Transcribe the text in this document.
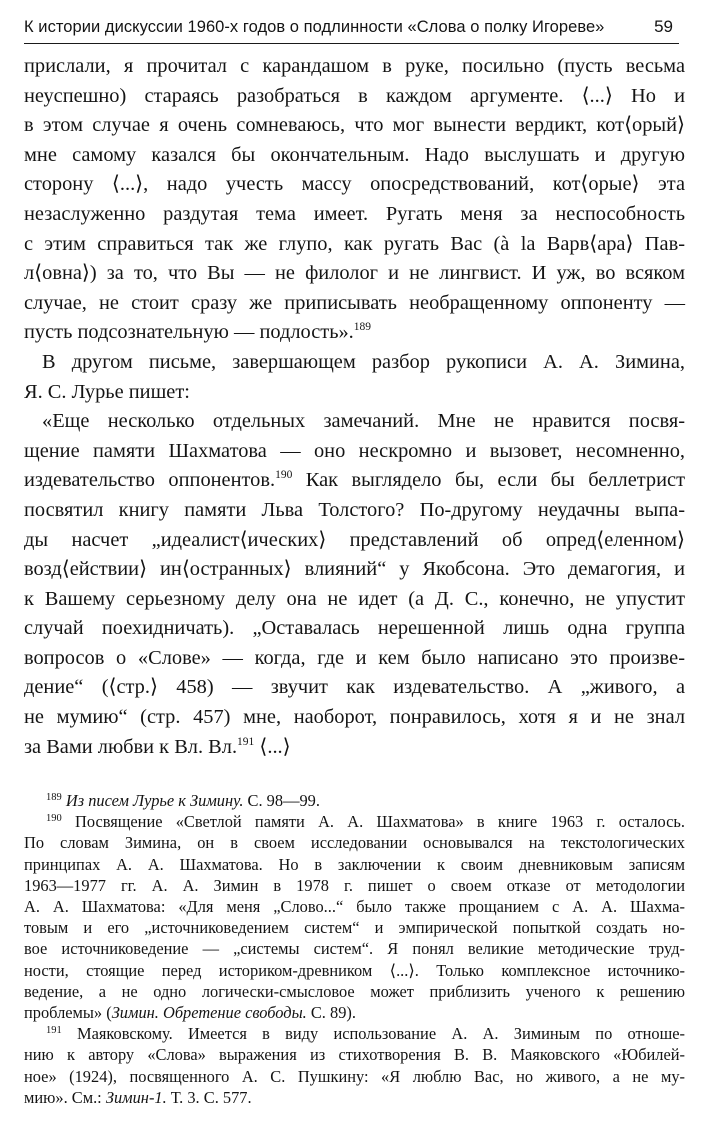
К истории дискуссии 1960-х годов о подлинности «Слова о полку Игореве»	59
прислали, я прочитал с карандашом в руке, посильно (пусть весьма
неуспешно) стараясь разобраться в каждом аргументе. ⟨...⟩ Но и
в этом случае я очень сомневаюсь, что мог вынести вердикт, кот⟨орый⟩
мне самому казался бы окончательным. Надо выслушать и другую
сторону ⟨...⟩, надо учесть массу опосредствований, кот⟨орые⟩ эта
незаслуженно раздутая тема имеет. Ругать меня за неспособность
с этим справиться так же глупо, как ругать Вас (à la Варв⟨ара⟩ Пав-
л⟨овна⟩) за то, что Вы — не филолог и не лингвист. И уж, во всяком
случае, не стоит сразу же приписывать необращенному оппоненту —
пусть подсознательную — подлость».$^{189}$
В другом письме, завершающем разбор рукописи А. А. Зимина,
Я. С. Лурье пишет:
«Еще несколько отдельных замечаний. Мне не нравится посвя-
щение памяти Шахматова — оно нескромно и вызовет, несомненно,
издевательство оппонентов.$^{190}$ Как выглядело бы, если бы беллетрист
посвятил книгу памяти Льва Толстого? По-другому неудачны выпа-
ды насчет „идеалист⟨ических⟩ представлений об опред⟨еленном⟩
возд⟨ействии⟩ ин⟨остранных⟩ влияний“ у Якобсона. Это демагогия, и
к Вашему серьезному делу она не идет (а Д. С., конечно, не упустит
случай поехидничать). „Оставалась нерешенной лишь одна группа
вопросов о «Слове» — когда, где и кем было написано это произве-
дение“ (⟨стр.⟩ 458) — звучит как издевательство. А „живого, а
не мумию“ (стр. 457) мне, наоборот, понравилось, хотя я и не знал
за Вами любви к Вл. Вл.$^{191}$ ⟨...⟩
$^{189}$ Из писем Лурье к Зимину. С. 98—99.
$^{190}$ Посвящение «Светлой памяти А. А. Шахматова» в книге 1963 г. осталось.
По словам Зимина, он в своем исследовании основывался на текстологических
принципах А. А. Шахматова. Но в заключении к своим дневниковым записям
1963—1977 гг. А. А. Зимин в 1978 г. пишет о своем отказе от методологии
А. А. Шахматова: «Для меня „Слово...“ было также прощанием с А. А. Шахма-
товым и его „источниковедением систем“ и эмпирической попыткой создать но-
вое источниковедение — „системы систем“. Я понял великие методические труд-
ности, стоящие перед историком-древником ⟨...⟩. Только комплексное источнико-
ведение, а не одно логически-смысловое может приблизить ученого к решению
проблемы» (Зимин. Обретение свободы. С. 89).
$^{191}$ Маяковскому. Имеется в виду использование А. А. Зиминым по отноше-
нию к автору «Слова» выражения из стихотворения В. В. Маяковского «Юбилей-
ное» (1924), посвященного А. С. Пушкину: «Я люблю Вас, но живого, а не му-
мию». См.: Зимин-1. Т. 3. С. 577.
